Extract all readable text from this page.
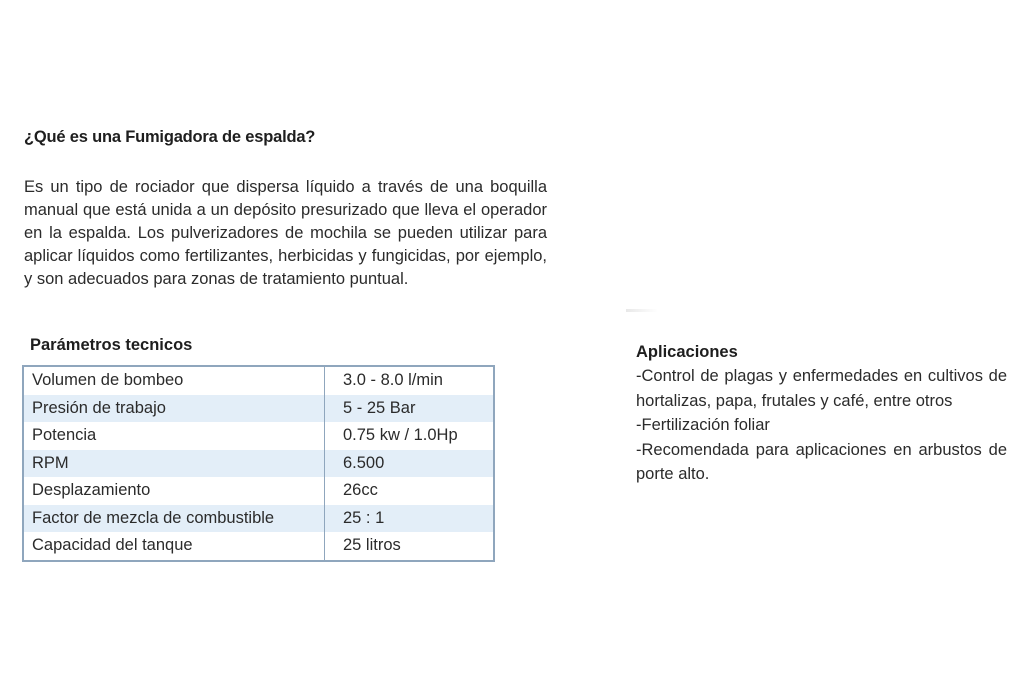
¿Qué es una Fumigadora de espalda?

Es un tipo de rociador que dispersa líquido a través de una boquilla manual que está unida a un depósito presurizado que lleva el operador en la espalda. Los pulverizadores de mochila se pueden utilizar para aplicar líquidos como fertilizantes, herbicidas y fungicidas, por ejemplo, y son adecuados para zonas de tratamiento puntual.

Parámetros tecnicos
Volumen de bombeo	3.0 - 8.0 l/min
Presión de trabajo	5 - 25 Bar
Potencia	0.75 kw / 1.0Hp
RPM	6.500
Desplazamiento	26cc
Factor de mezcla de combustible	25 : 1
Capacidad del tanque	25 litros
Aplicaciones

-Control de plagas y enfermedades en cultivos de hortalizas, papa, frutales y café, entre otros

-Fertilización foliar

-Recomendada para aplicaciones en arbustos de porte alto.
